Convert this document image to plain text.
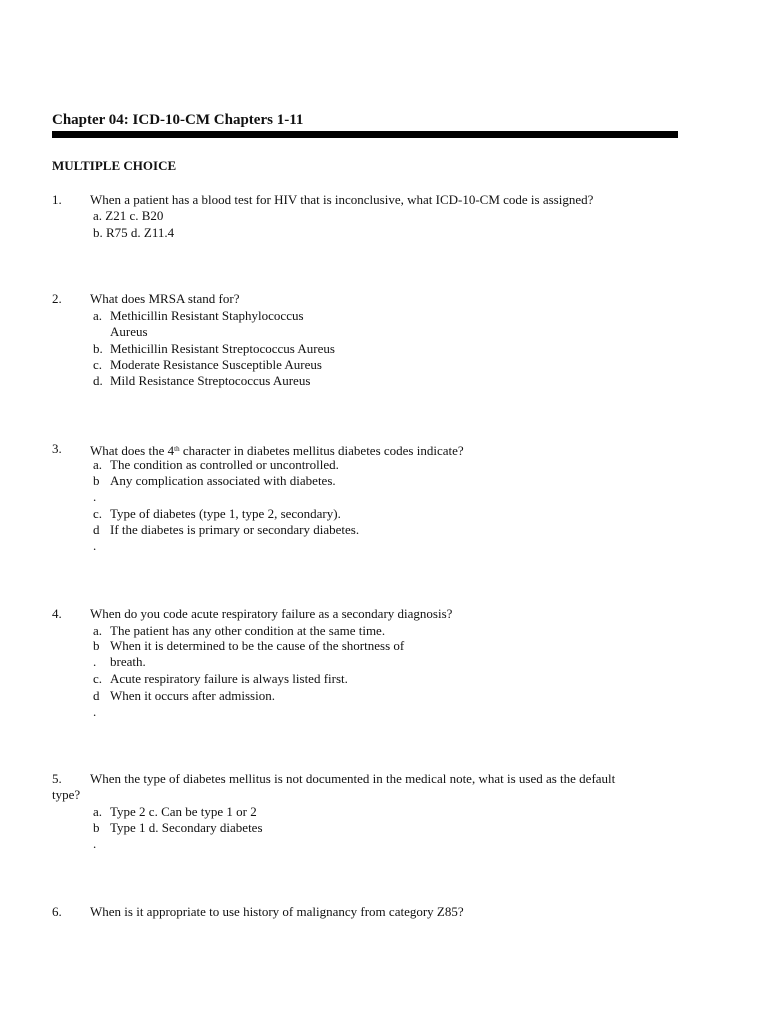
Chapter 04: ICD-10-CM Chapters 1-11
MULTIPLE CHOICE
1. When a patient has a blood test for HIV that is inconclusive, what ICD-10-CM code is assigned?
a. Z21 c. B20
b. R75 d. Z11.4
2. What does MRSA stand for?
a. Methicillin Resistant Staphylococcus
Aureus
b. Methicillin Resistant Streptococcus Aureus
c. Moderate Resistance Susceptible Aureus
d. Mild Resistance Streptococcus Aureus
3. What does the 4th character in diabetes mellitus diabetes codes indicate?
a. The condition as controlled or uncontrolled.
b Any complication associated with diabetes.
.
c. Type of diabetes (type 1, type 2, secondary).
d If the diabetes is primary or secondary diabetes.
.
4. When do you code acute respiratory failure as a secondary diagnosis?
a. The patient has any other condition at the same time.
b When it is determined to be the cause of the shortness of
. breath.
c. Acute respiratory failure is always listed first.
d When it occurs after admission.
.
5. When the type of diabetes mellitus is not documented in the medical note, what is used as the default
type?
a. Type 2 c. Can be type 1 or 2
b Type 1 d. Secondary diabetes
.
6. When is it appropriate to use history of malignancy from category Z85?
